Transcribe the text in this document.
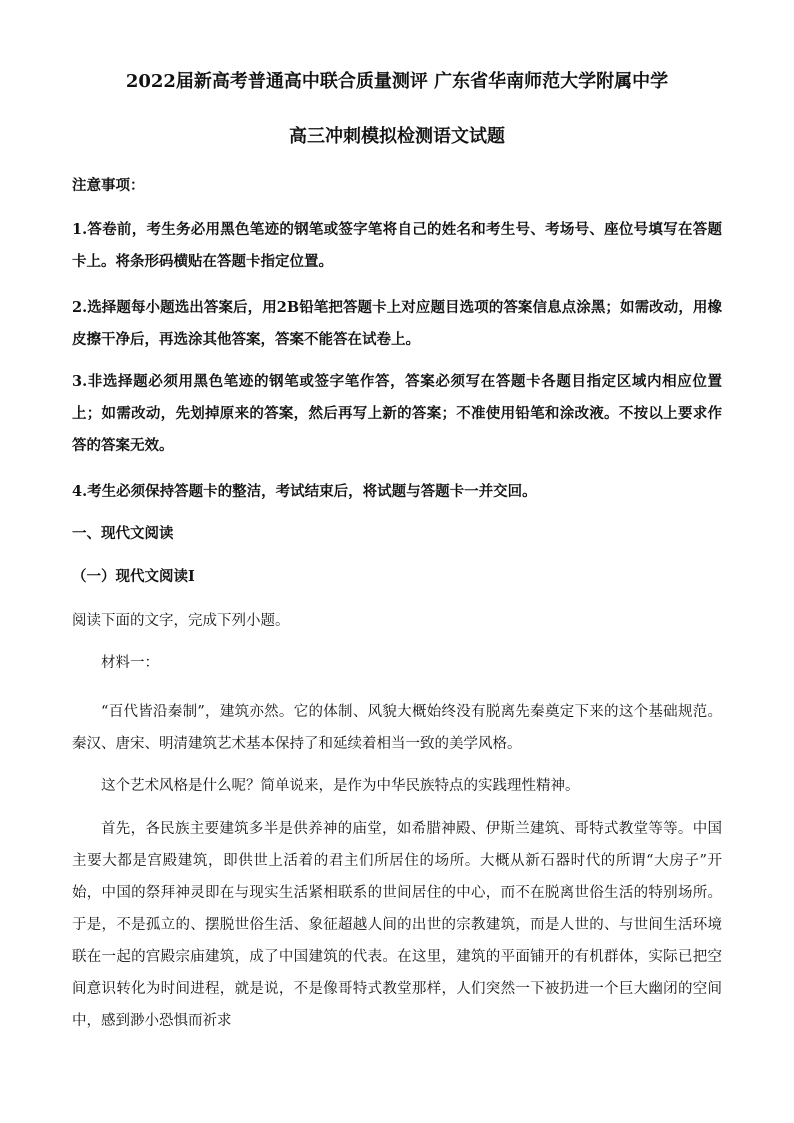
2022届新高考普通高中联合质量测评 广东省华南师范大学附属中学
高三冲刺模拟检测语文试题
注意事项：
1.答卷前，考生务必用黑色笔迹的钢笔或签字笔将自己的姓名和考生号、考场号、座位号填写在答题卡上。将条形码横贴在答题卡指定位置。
2.选择题每小题选出答案后，用2B铅笔把答题卡上对应题目选项的答案信息点涂黑；如需改动，用橡皮擦干净后，再选涂其他答案，答案不能答在试卷上。
3.非选择题必须用黑色笔迹的钢笔或签字笔作答，答案必须写在答题卡各题目指定区域内相应位置上；如需改动，先划掉原来的答案，然后再写上新的答案；不准使用铅笔和涂改液。不按以上要求作答的答案无效。
4.考生必须保持答题卡的整洁，考试结束后，将试题与答题卡一并交回。
一、现代文阅读
（一）现代文阅读Ⅰ
阅读下面的文字，完成下列小题。
材料一：
“百代皆沿秦制”，建筑亦然。它的体制、风貌大概始终没有脱离先秦奠定下来的这个基础规范。秦汉、唐宋、明清建筑艺术基本保持了和延续着相当一致的美学风格。
这个艺术风格是什么呢？简单说来，是作为中华民族特点的实践理性精神。
首先，各民族主要建筑多半是供养神的庙堂，如希腊神殿、伊斯兰建筑、哥特式教堂等等。中国主要大都是宫殿建筑，即供世上活着的君主们所居住的场所。大概从新石器时代的所谓“大房子”开始，中国的祭拜神灵即在与现实生活紧相联系的世间居住的中心，而不在脱离世俗生活的特别场所。于是，不是孤立的、摆脱世俗生活、象征超越人间的出世的宗教建筑，而是人世的、与世间生活环境联在一起的宫殿宗庙建筑，成了中国建筑的代表。在这里，建筑的平面铺开的有机群体，实际已把空间意识转化为时间进程，就是说，不是像哥特式教堂那样，人们突然一下被扔进一个巨大幽闭的空间中，感到渺小恐惧而祈求
